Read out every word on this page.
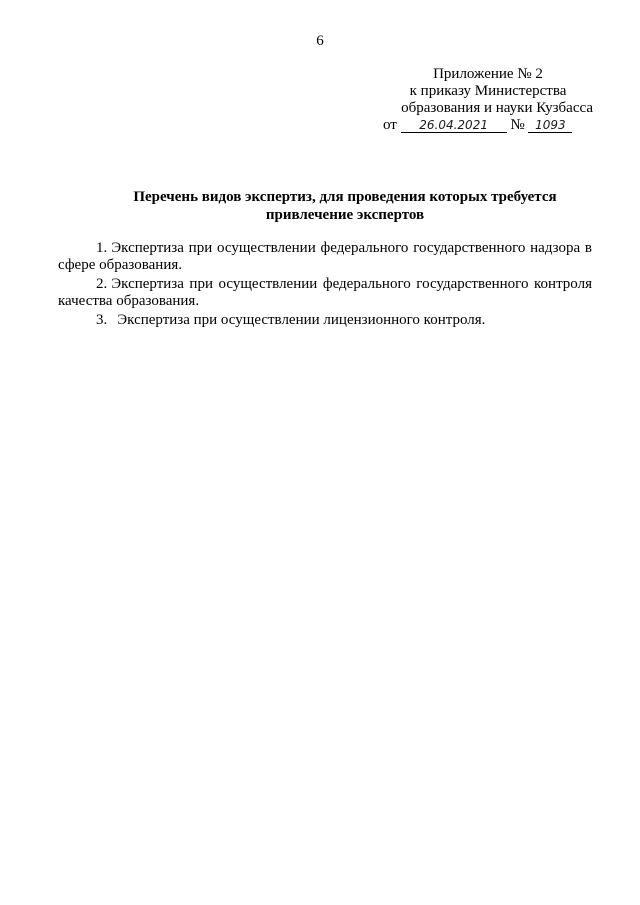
6
Приложение № 2
к приказу Министерства
образования и науки Кузбасса
от 26.04.2021 № 1093
Перечень видов экспертиз, для проведения которых требуется
привлечение экспертов

1. Экспертиза при осуществлении федерального государственного надзора в сфере образования.

2. Экспертиза при осуществлении федерального государственного контроля качества образования.

3. Экспертиза при осуществлении лицензионного контроля.
